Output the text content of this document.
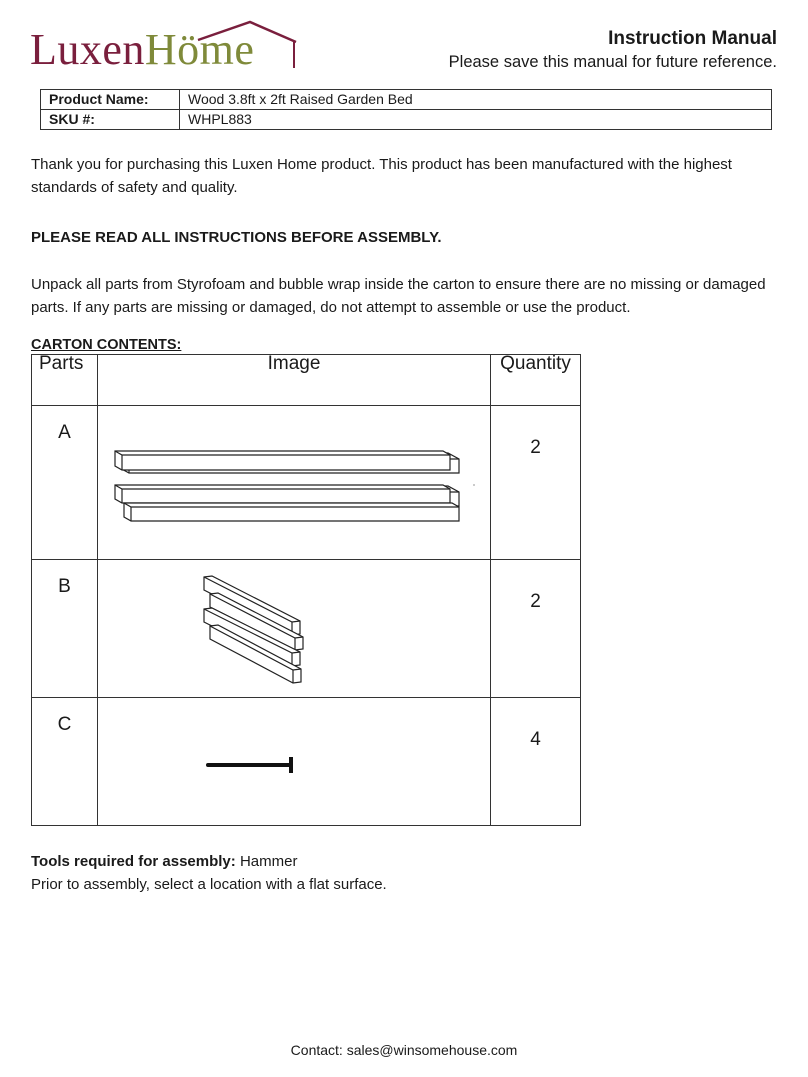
LuxenHöme	Instruction Manual
Please save this manual for future reference.
Product Name:	Wood 3.8ft x 2ft Raised Garden Bed
SKU #:	WHPL883
Thank you for purchasing this Luxen Home product. This product has been manufactured with the highest standards of safety and quality.
PLEASE READ ALL INSTRUCTIONS BEFORE ASSEMBLY.
Unpack all parts from Styrofoam and bubble wrap inside the carton to ensure there are no missing or damaged parts. If any parts are missing or damaged, do not attempt to assemble or use the product.
CARTON CONTENTS:
Parts	Image	Quantity
A		2
B		2
C		4
Tools required for assembly: Hammer
Prior to assembly, select a location with a flat surface.
Contact: sales@winsomehouse.com
